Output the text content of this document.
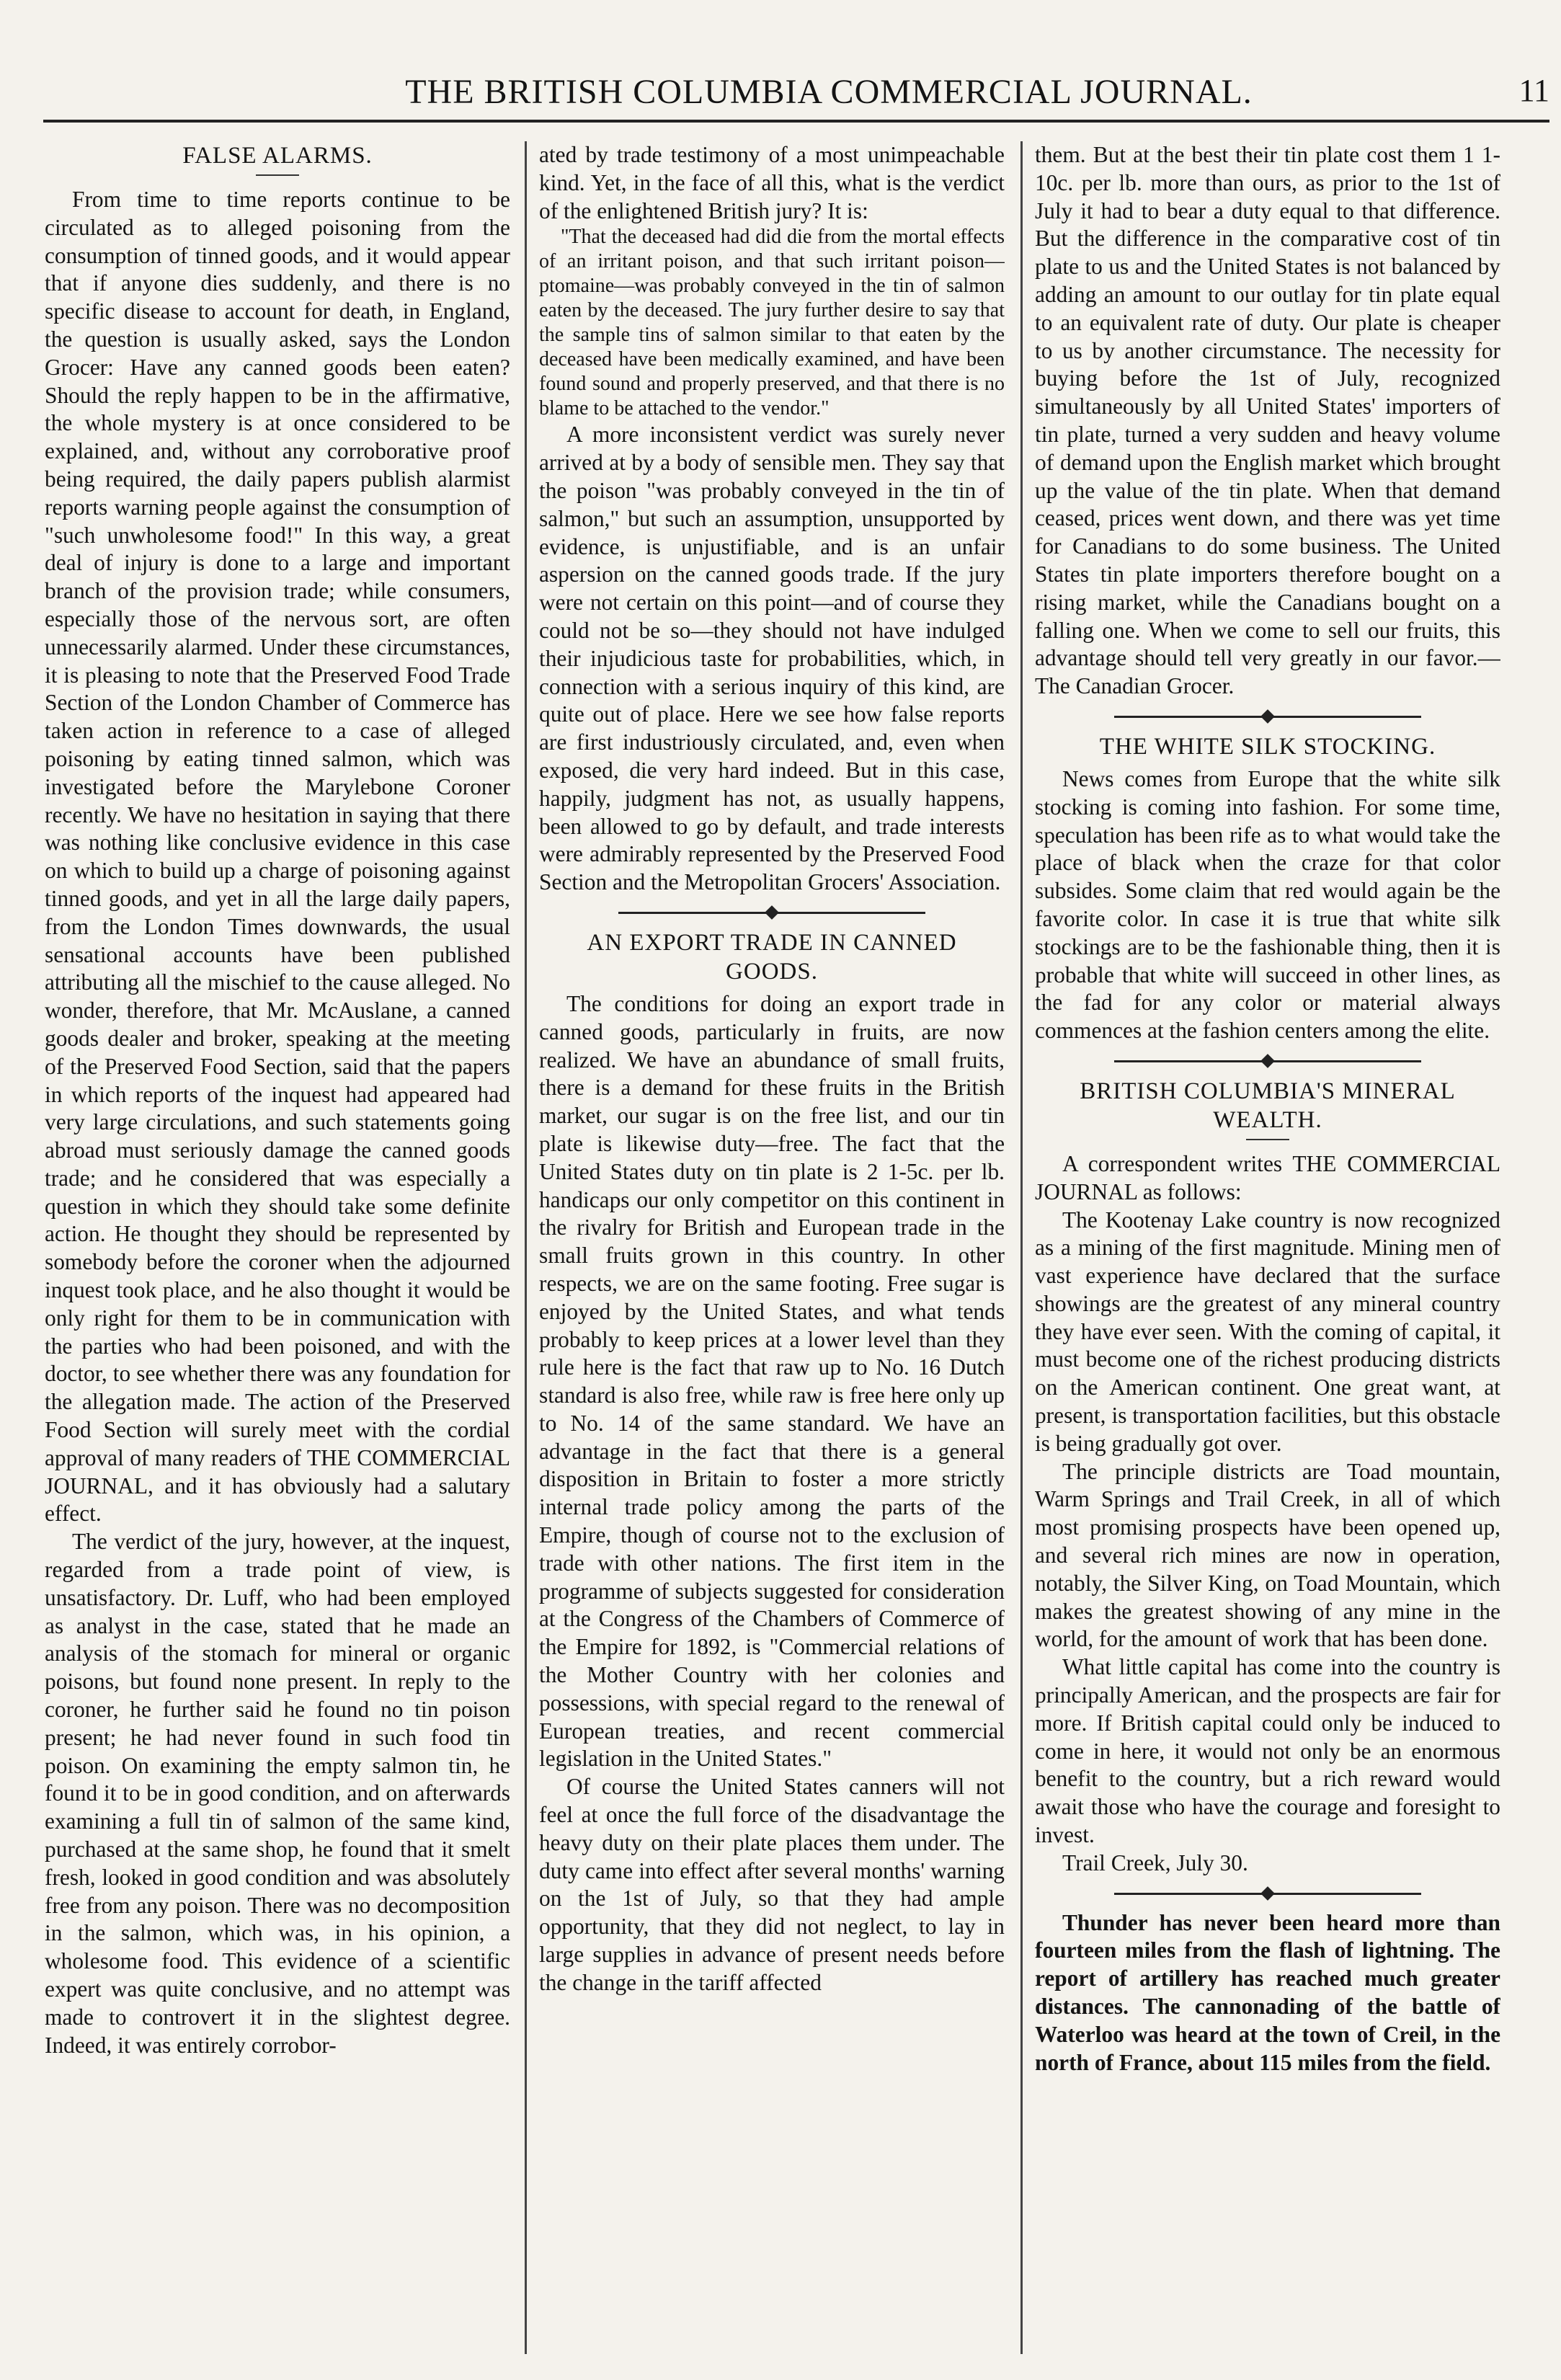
THE BRITISH COLUMBIA COMMERCIAL JOURNAL.	11
FALSE ALARMS.

From time to time reports continue to be circulated as to alleged poisoning from the consumption of tinned goods, and it would appear that if anyone dies suddenly, and there is no specific disease to account for death, in England, the question is usually asked, says the London Grocer: Have any canned goods been eaten? Should the reply happen to be in the affirmative, the whole mystery is at once considered to be explained, and, without any corroborative proof being required, the daily papers publish alarmist reports warning people against the consumption of "such unwholesome food!" In this way, a great deal of injury is done to a large and important branch of the provision trade; while consumers, especially those of the nervous sort, are often unnecessarily alarmed. Under these circumstances, it is pleasing to note that the Preserved Food Trade Section of the London Chamber of Commerce has taken action in reference to a case of alleged poisoning by eating tinned salmon, which was investigated before the Marylebone Coroner recently. We have no hesitation in saying that there was nothing like conclusive evidence in this case on which to build up a charge of poisoning against tinned goods, and yet in all the large daily papers, from the London Times downwards, the usual sensational accounts have been published attributing all the mischief to the cause alleged. No wonder, therefore, that Mr. McAuslane, a canned goods dealer and broker, speaking at the meeting of the Preserved Food Section, said that the papers in which reports of the inquest had appeared had very large circulations, and such statements going abroad must seriously damage the canned goods trade; and he considered that was especially a question in which they should take some definite action. He thought they should be represented by somebody before the coroner when the adjourned inquest took place, and he also thought it would be only right for them to be in communication with the parties who had been poisoned, and with the doctor, to see whether there was any foundation for the allegation made. The action of the Preserved Food Section will surely meet with the cordial approval of many readers of THE COMMERCIAL JOURNAL, and it has obviously had a salutary effect.

The verdict of the jury, however, at the inquest, regarded from a trade point of view, is unsatisfactory. Dr. Luff, who had been employed as analyst in the case, stated that he made an analysis of the stomach for mineral or organic poisons, but found none present. In reply to the coroner, he further said he found no tin poison present; he had never found in such food tin poison. On examining the empty salmon tin, he found it to be in good condition, and on afterwards examining a full tin of salmon of the same kind, purchased at the same shop, he found that it smelt fresh, looked in good condition and was absolutely free from any poison. There was no decomposition in the salmon, which was, in his opinion, a wholesome food. This evidence of a scientific expert was quite conclusive, and no attempt was made to controvert it in the slightest degree. Indeed, it was entirely corrobor-

ated by trade testimony of a most unimpeachable kind. Yet, in the face of all this, what is the verdict of the enlightened British jury? It is:

"That the deceased had did die from the mortal effects of an irritant poison, and that such irritant poison—ptomaine—was probably conveyed in the tin of salmon eaten by the deceased. The jury further desire to say that the sample tins of salmon similar to that eaten by the deceased have been medically examined, and have been found sound and properly preserved, and that there is no blame to be attached to the vendor."

A more inconsistent verdict was surely never arrived at by a body of sensible men. They say that the poison "was probably conveyed in the tin of salmon," but such an assumption, unsupported by evidence, is unjustifiable, and is an unfair aspersion on the canned goods trade. If the jury were not certain on this point—and of course they could not be so—they should not have indulged their injudicious taste for probabilities, which, in connection with a serious inquiry of this kind, are quite out of place. Here we see how false reports are first industriously circulated, and, even when exposed, die very hard indeed. But in this case, happily, judgment has not, as usually happens, been allowed to go by default, and trade interests were admirably represented by the Preserved Food Section and the Metropolitan Grocers' Association.

AN EXPORT TRADE IN CANNED GOODS.

The conditions for doing an export trade in canned goods, particularly in fruits, are now realized. We have an abundance of small fruits, there is a demand for these fruits in the British market, our sugar is on the free list, and our tin plate is likewise duty—free. The fact that the United States duty on tin plate is 2 1-5c. per lb. handicaps our only competitor on this continent in the rivalry for British and European trade in the small fruits grown in this country. In other respects, we are on the same footing. Free sugar is enjoyed by the United States, and what tends probably to keep prices at a lower level than they rule here is the fact that raw up to No. 16 Dutch standard is also free, while raw is free here only up to No. 14 of the same standard. We have an advantage in the fact that there is a general disposition in Britain to foster a more strictly internal trade policy among the parts of the Empire, though of course not to the exclusion of trade with other nations. The first item in the programme of subjects suggested for consideration at the Congress of the Chambers of Commerce of the Empire for 1892, is "Commercial relations of the Mother Country with her colonies and possessions, with special regard to the renewal of European treaties, and recent commercial legislation in the United States."

Of course the United States canners will not feel at once the full force of the disadvantage the heavy duty on their plate places them under. The duty came into effect after several months' warning on the 1st of July, so that they had ample opportunity, that they did not neglect, to lay in large supplies in advance of present needs before the change in the tariff affected

them. But at the best their tin plate cost them 1 1-10c. per lb. more than ours, as prior to the 1st of July it had to bear a duty equal to that difference. But the difference in the comparative cost of tin plate to us and the United States is not balanced by adding an amount to our outlay for tin plate equal to an equivalent rate of duty. Our plate is cheaper to us by another circumstance. The necessity for buying before the 1st of July, recognized simultaneously by all United States' importers of tin plate, turned a very sudden and heavy volume of demand upon the English market which brought up the value of the tin plate. When that demand ceased, prices went down, and there was yet time for Canadians to do some business. The United States tin plate importers therefore bought on a rising market, while the Canadians bought on a falling one. When we come to sell our fruits, this advantage should tell very greatly in our favor.—The Canadian Grocer.

THE WHITE SILK STOCKING.

News comes from Europe that the white silk stocking is coming into fashion. For some time, speculation has been rife as to what would take the place of black when the craze for that color subsides. Some claim that red would again be the favorite color. In case it is true that white silk stockings are to be the fashionable thing, then it is probable that white will succeed in other lines, as the fad for any color or material always commences at the fashion centers among the elite.

BRITISH COLUMBIA'S MINERAL WEALTH.

A correspondent writes THE COMMERCIAL JOURNAL as follows:

The Kootenay Lake country is now recognized as a mining of the first magnitude. Mining men of vast experience have declared that the surface showings are the greatest of any mineral country they have ever seen. With the coming of capital, it must become one of the richest producing districts on the American continent. One great want, at present, is transportation facilities, but this obstacle is being gradually got over.

The principle districts are Toad mountain, Warm Springs and Trail Creek, in all of which most promising prospects have been opened up, and several rich mines are now in operation, notably, the Silver King, on Toad Mountain, which makes the greatest showing of any mine in the world, for the amount of work that has been done.

What little capital has come into the country is principally American, and the prospects are fair for more. If British capital could only be induced to come in here, it would not only be an enormous benefit to the country, but a rich reward would await those who have the courage and foresight to invest.

Trail Creek, July 30.

Thunder has never been heard more than fourteen miles from the flash of lightning. The report of artillery has reached much greater distances. The cannonading of the battle of Waterloo was heard at the town of Creil, in the north of France, about 115 miles from the field.
